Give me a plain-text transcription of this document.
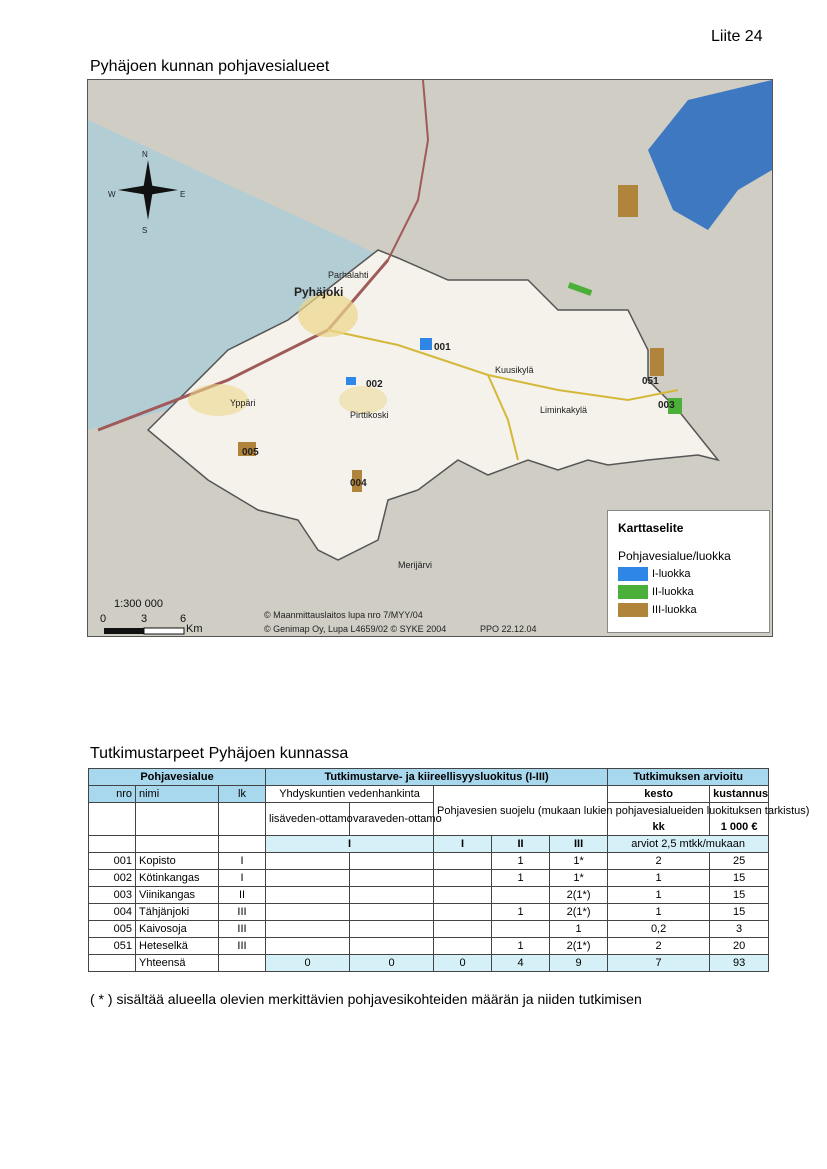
Liite 24
Pyhäjoen kunnan pohjavesialueet
N
S
E
W
Parhalahti
Pyhäjoki
Yppäri
Pirttikoski
Kuusikylä
Liminkakylä
Merijärvi
001
002
003
004
005
051
1:300 000
0	3	6
Km
© Maanmittauslaitos lupa nro 7/MYY/04
© Genimap Oy, Lupa L4659/02 © SYKE 2004	PPO 22.12.04
Karttaselite
Pohjavesialue/luokka
I-luokka
II-luokka
III-luokka
Tutkimustarpeet Pyhäjoen kunnassa
Pohjavesialue			Tutkimustarve- ja kiireellisyysluokitus (I-III)					Tutkimuksen arvioitu	
nro	nimi	lk	Yhdyskuntien vedenhankinta		Pohjavesien suojelu (mukaan lukien pohjavesialueiden luokituksen tarkistus)			kesto	kustannus
			lisäveden-ottamo	varaveden-ottamo				kk	1 000 €
			I		I	II	III	arviot 2,5 mtkk/mukaan	
001	Kopisto	I				1	1*	2	25
002	Kötinkangas	I				1	1*	1	15
003	Viinikangas	II					2(1*)	1	15
004	Tähjänjoki	III				1	2(1*)	1	15
005	Kaivosoja	III					1	0,2	3
051	Heteselkä	III				1	2(1*)	2	20
	Yhteensä		0	0	0	4	9	7	93
( * ) sisältää alueella olevien merkittävien pohjavesikohteiden määrän ja niiden tutkimisen
